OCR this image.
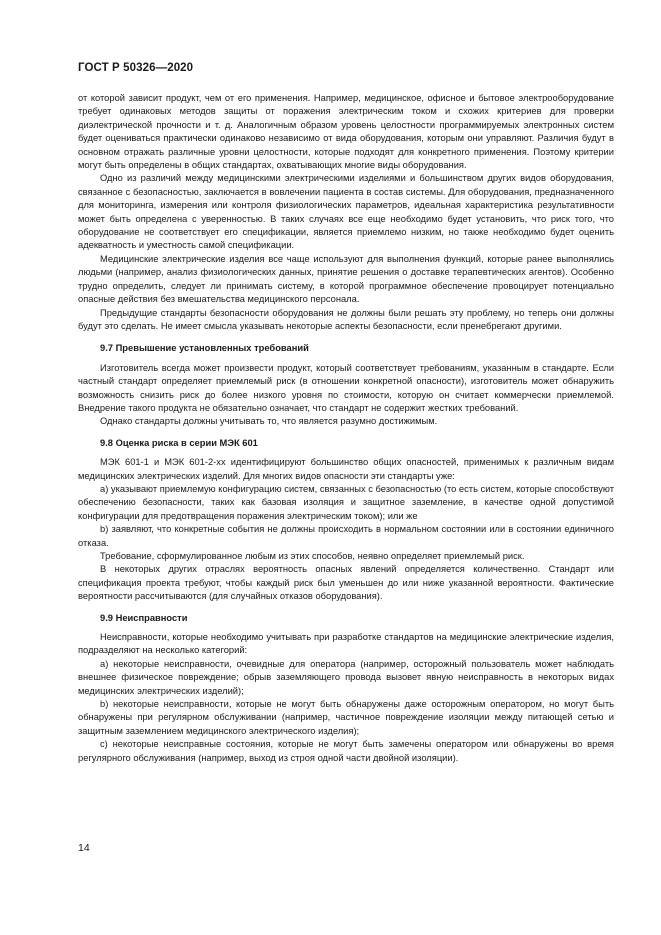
ГОСТ Р 50326—2020

от которой зависит продукт, чем от его применения. Например, медицинское, офисное и бытовое электрооборудование требует одинаковых методов защиты от поражения электрическим током и схожих критериев для проверки диэлектрической прочности и т. д. Аналогичным образом уровень целостности программируемых электронных систем будет оцениваться практически одинаково независимо от вида оборудования, которым они управляют. Различия будут в основном отражать различные уровни целостности, которые подходят для конкретного применения. Поэтому критерии могут быть определены в общих стандартах, охватывающих многие виды оборудования.

Одно из различий между медицинскими электрическими изделиями и большинством других видов оборудования, связанное с безопасностью, заключается в вовлечении пациента в состав системы. Для оборудования, предназначенного для мониторинга, измерения или контроля физиологических параметров, идеальная характеристика результативности может быть определена с уверенностью. В таких случаях все еще необходимо будет установить, что риск того, что оборудование не соответствует его спецификации, является приемлемо низким, но также необходимо будет оценить адекватность и уместность самой спецификации.

Медицинские электрические изделия все чаще используют для выполнения функций, которые ранее выполнялись людьми (например, анализ физиологических данных, принятие решения о доставке терапевтических агентов). Особенно трудно определить, следует ли принимать систему, в которой программное обеспечение провоцирует потенциально опасные действия без вмешательства медицинского персонала.

Предыдущие стандарты безопасности оборудования не должны были решать эту проблему, но теперь они должны будут это сделать. Не имеет смысла указывать некоторые аспекты безопасности, если пренебрегают другими.

9.7 Превышение установленных требований

Изготовитель всегда может произвести продукт, который соответствует требованиям, указанным в стандарте. Если частный стандарт определяет приемлемый риск (в отношении конкретной опасности), изготовитель может обнаружить возможность снизить риск до более низкого уровня по стоимости, которую он считает коммерчески приемлемой. Внедрение такого продукта не обязательно означает, что стандарт не содержит жестких требований.

Однако стандарты должны учитывать то, что является разумно достижимым.

9.8 Оценка риска в серии МЭК 601

МЭК 601-1 и МЭК 601-2-хх идентифицируют большинство общих опасностей, применимых к различным видам медицинских электрических изделий. Для многих видов опасности эти стандарты уже:

a) указывают приемлемую конфигурацию систем, связанных с безопасностью (то есть систем, которые способствуют обеспечению безопасности, таких как базовая изоляция и защитное заземление, в качестве одной допустимой конфигурации для предотвращения поражения электрическим током); или же

b) заявляют, что конкретные события не должны происходить в нормальном состоянии или в состоянии единичного отказа.

Требование, сформулированное любым из этих способов, неявно определяет приемлемый риск.

В некоторых других отраслях вероятность опасных явлений определяется количественно. Стандарт или спецификация проекта требуют, чтобы каждый риск был уменьшен до или ниже указанной вероятности. Фактические вероятности рассчитываются (для случайных отказов оборудования).

9.9 Неисправности

Неисправности, которые необходимо учитывать при разработке стандартов на медицинские электрические изделия, подразделяют на несколько категорий:

a) некоторые неисправности, очевидные для оператора (например, осторожный пользователь может наблюдать внешнее физическое повреждение; обрыв заземляющего провода вызовет явную неисправность в некоторых видах медицинских электрических изделий);

b) некоторые неисправности, которые не могут быть обнаружены даже осторожным оператором, но могут быть обнаружены при регулярном обслуживании (например, частичное повреждение изоляции между питающей сетью и защитным заземлением медицинского электрического изделия);

c) некоторые неисправные состояния, которые не могут быть замечены оператором или обнаружены во время регулярного обслуживания (например, выход из строя одной части двойной изоляции).

14
